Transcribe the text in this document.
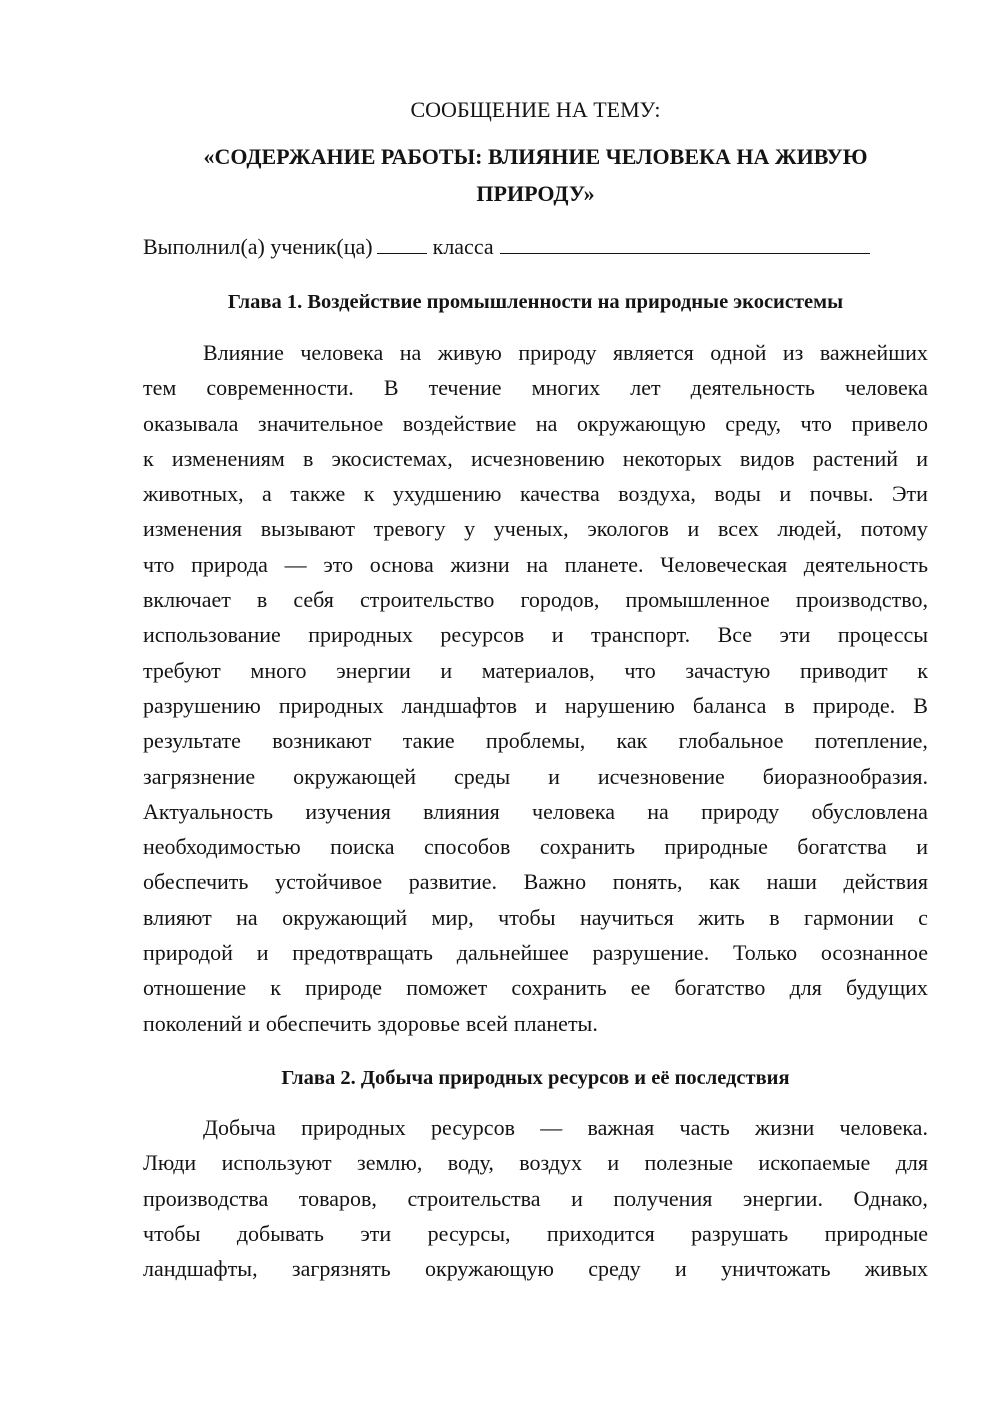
СООБЩЕНИЕ НА ТЕМУ:
«СОДЕРЖАНИЕ РАБОТЫ: ВЛИЯНИЕ ЧЕЛОВЕКА НА ЖИВУЮ
ПРИРОДУ»
Выполнил(а) ученик(ца)	класса
Глава 1. Воздействие промышленности на природные экосистемы
Влияние человека на живую природу является одной из важнейших
тем современности. В течение многих лет деятельность человека
оказывала значительное воздействие на окружающую среду, что привело
к изменениям в экосистемах, исчезновению некоторых видов растений и
животных, а также к ухудшению качества воздуха, воды и почвы. Эти
изменения вызывают тревогу у ученых, экологов и всех людей, потому
что природа — это основа жизни на планете. Человеческая деятельность
включает в себя строительство городов, промышленное производство,
использование природных ресурсов и транспорт. Все эти процессы
требуют много энергии и материалов, что зачастую приводит к
разрушению природных ландшафтов и нарушению баланса в природе. В
результате возникают такие проблемы, как глобальное потепление,
загрязнение окружающей среды и исчезновение биоразнообразия.
Актуальность изучения влияния человека на природу обусловлена
необходимостью поиска способов сохранить природные богатства и
обеспечить устойчивое развитие. Важно понять, как наши действия
влияют на окружающий мир, чтобы научиться жить в гармонии с
природой и предотвращать дальнейшее разрушение. Только осознанное
отношение к природе поможет сохранить ее богатство для будущих
поколений и обеспечить здоровье всей планеты.
Глава 2. Добыча природных ресурсов и её последствия
Добыча природных ресурсов — важная часть жизни человека.
Люди используют землю, воду, воздух и полезные ископаемые для
производства товаров, строительства и получения энергии. Однако,
чтобы добывать эти ресурсы, приходится разрушать природные
ландшафты, загрязнять окружающую среду и уничтожать живых
